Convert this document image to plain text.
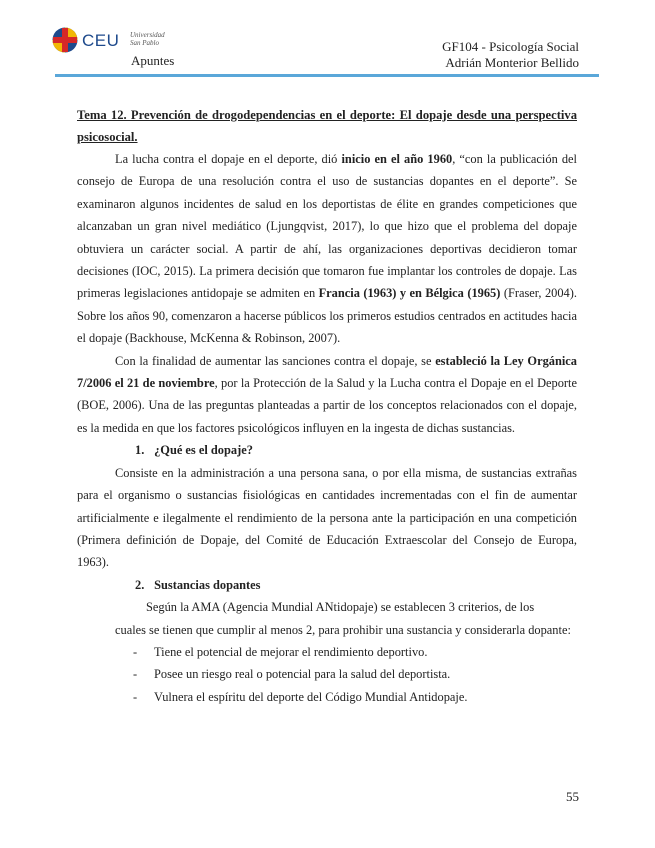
CEU Universidad
San Pablo
Apuntes
GF104 - Psicología Social
Adrián Monterior Bellido

Tema 12. Prevención de drogodependencias en el deporte: El dopaje desde una perspectiva psicosocial.

La lucha contra el dopaje en el deporte, dió inicio en el año 1960, “con la publicación del consejo de Europa de una resolución contra el uso de sustancias dopantes en el deporte”. Se examinaron algunos incidentes de salud en los deportistas de élite en grandes competiciones que alcanzaban un gran nivel mediático (Ljungqvist, 2017), lo que hizo que el problema del dopaje obtuviera un carácter social. A partir de ahí, las organizaciones deportivas decidieron tomar decisiones (IOC, 2015). La primera decisión que tomaron fue implantar los controles de dopaje. Las primeras legislaciones antidopaje se admiten en Francia (1963) y en Bélgica (1965) (Fraser, 2004). Sobre los años 90, comenzaron a hacerse públicos los primeros estudios centrados en actitudes hacia el dopaje (Backhouse, McKenna & Robinson, 2007).

Con la finalidad de aumentar las sanciones contra el dopaje, se estableció la Ley Orgánica 7/2006 el 21 de noviembre, por la Protección de la Salud y la Lucha contra el Dopaje en el Deporte (BOE, 2006). Una de las preguntas planteadas a partir de los conceptos relacionados con el dopaje, es la medida en que los factores psicológicos influyen en la ingesta de dichas sustancias.

1. ¿Qué es el dopaje?

Consiste en la administración a una persona sana, o por ella misma, de sustancias extrañas para el organismo o sustancias fisiológicas en cantidades incrementadas con el fin de aumentar artificialmente e ilegalmente el rendimiento de la persona ante la participación en una competición (Primera definición de Dopaje, del Comité de Educación Extraescolar del Consejo de Europa, 1963).

2. Sustancias dopantes

Según la AMA (Agencia Mundial ANtidopaje) se establecen 3 criterios, de los

cuales se tienen que cumplir al menos 2, para prohibir una sustancia y considerarla dopante:

- Tiene el potencial de mejorar el rendimiento deportivo.
- Posee un riesgo real o potencial para la salud del deportista.
- Vulnera el espíritu del deporte del Código Mundial Antidopaje.
55
